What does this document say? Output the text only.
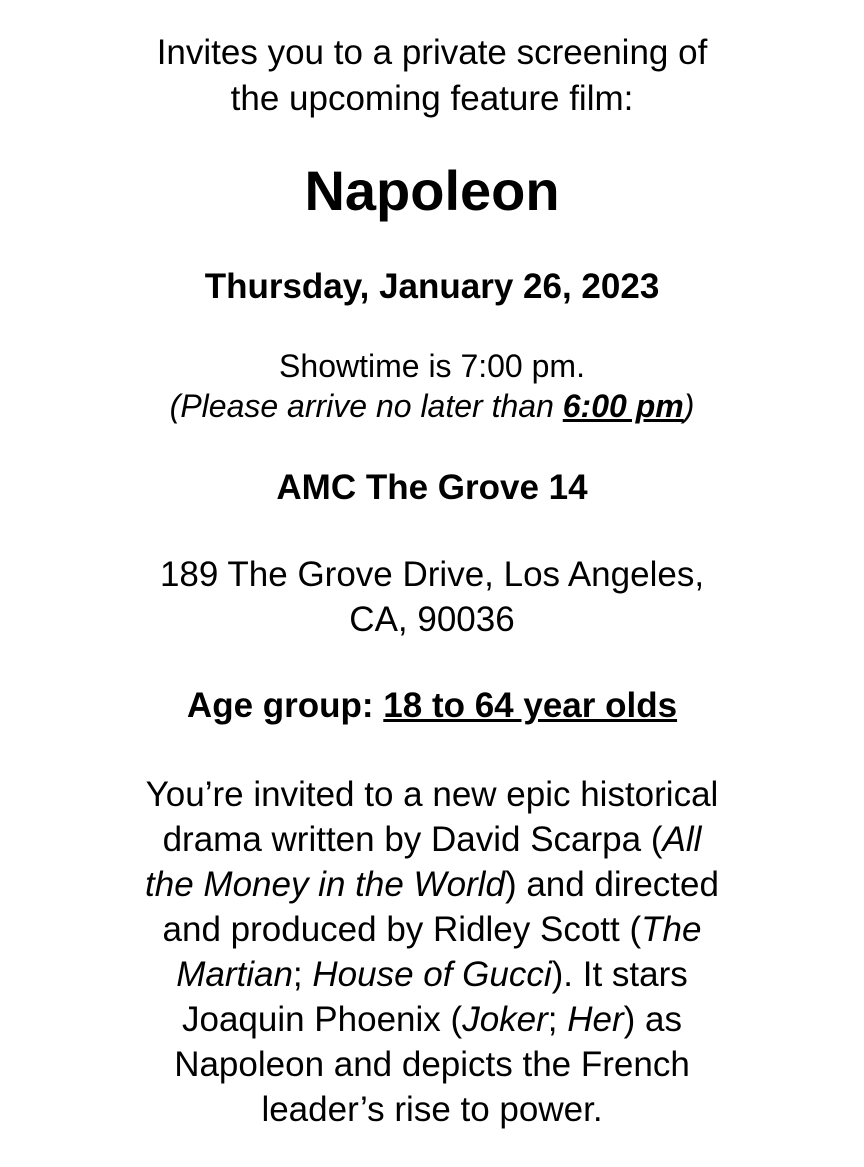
Invites you to a private screening of
the upcoming feature film:
Napoleon
Thursday, January 26, 2023
Showtime is 7:00 pm.
(Please arrive no later than 6:00 pm)
AMC The Grove 14
189 The Grove Drive, Los Angeles,
CA, 90036
Age group: 18 to 64 year olds
You’re invited to a new epic historical
drama written by David Scarpa (All
the Money in the World) and directed
and produced by Ridley Scott (The
Martian; House of Gucci). It stars
Joaquin Phoenix (Joker; Her) as
Napoleon and depicts the French
leader’s rise to power.
